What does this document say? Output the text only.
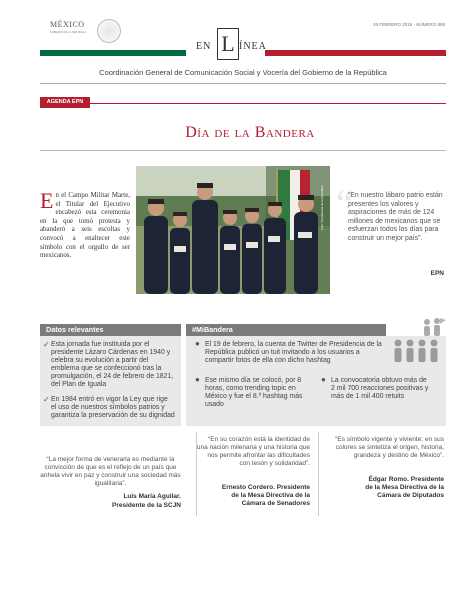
MÉXICO
GOBIERNO DE LA REPÚBLICA
26 FEBRERO 2018 · NÚMERO 898
EN L ÍNEA
Coordinación General de Comunicación Social y Vocería del Gobierno de la República
AGENDA EPN
Día de la Bandera
En el Campo Militar Marte, el Titular del Ejecutivo encabezó esta ceremonia en la que tomó protesta y abanderó a seis escoltas y convocó a enaltecer este símbolo con el orgullo de ser mexicanos.
Foto: Presidencia de la República “
“En nuestro lábaro patrio están presentes los valores y aspiraciones de más de 124 millones de mexicanos que se esfuerzan todos los días para construir un mejor país”.
EPN
Datos relevantes
✓ Esta jornada fue instituida por el presidente Lázaro Cárdenas en 1940 y celebra su evolución a partir del emblema que se confeccionó tras la promulgación, el 24 de febrero de 1821, del Plan de Iguala
✓ En 1984 entró en vigor la Ley que rige el uso de nuestros símbolos patrios y garantiza la preservación de su dignidad
#MiBandera
● El 19 de febrero, la cuenta de Twitter de Presidencia de la República publicó un tuit invitando a los usuarios a compartir fotos de ella con dicho hashtag
● Ese mismo día se colocó, por 8 horas, como trending topic en México y fue el 8.º hashtag más usado
● La convocatoria obtuvo más de 2 mil 700 reacciones positivas y más de 1 mil 400 retuits
“La mejor forma de venerarla es mediante la convicción de que es el reflejo de un país que anhela vivir en paz y construir una sociedad más igualitaria”.
Luis María Aguilar.
Presidente de la SCJN
“En su corazón está la identidad de una nación milenaria y una historia que nos permite afrontar las dificultades con tesón y solidaridad”.
Ernesto Cordero. Presidente
de la Mesa Directiva de la
Cámara de Senadores
“Es símbolo vigente y viviente; en sus colores se sintetiza el origen, historia, grandeza y destino de México”.
Édgar Romo. Presidente
de la Mesa Directiva de la
Cámara de Diputados
